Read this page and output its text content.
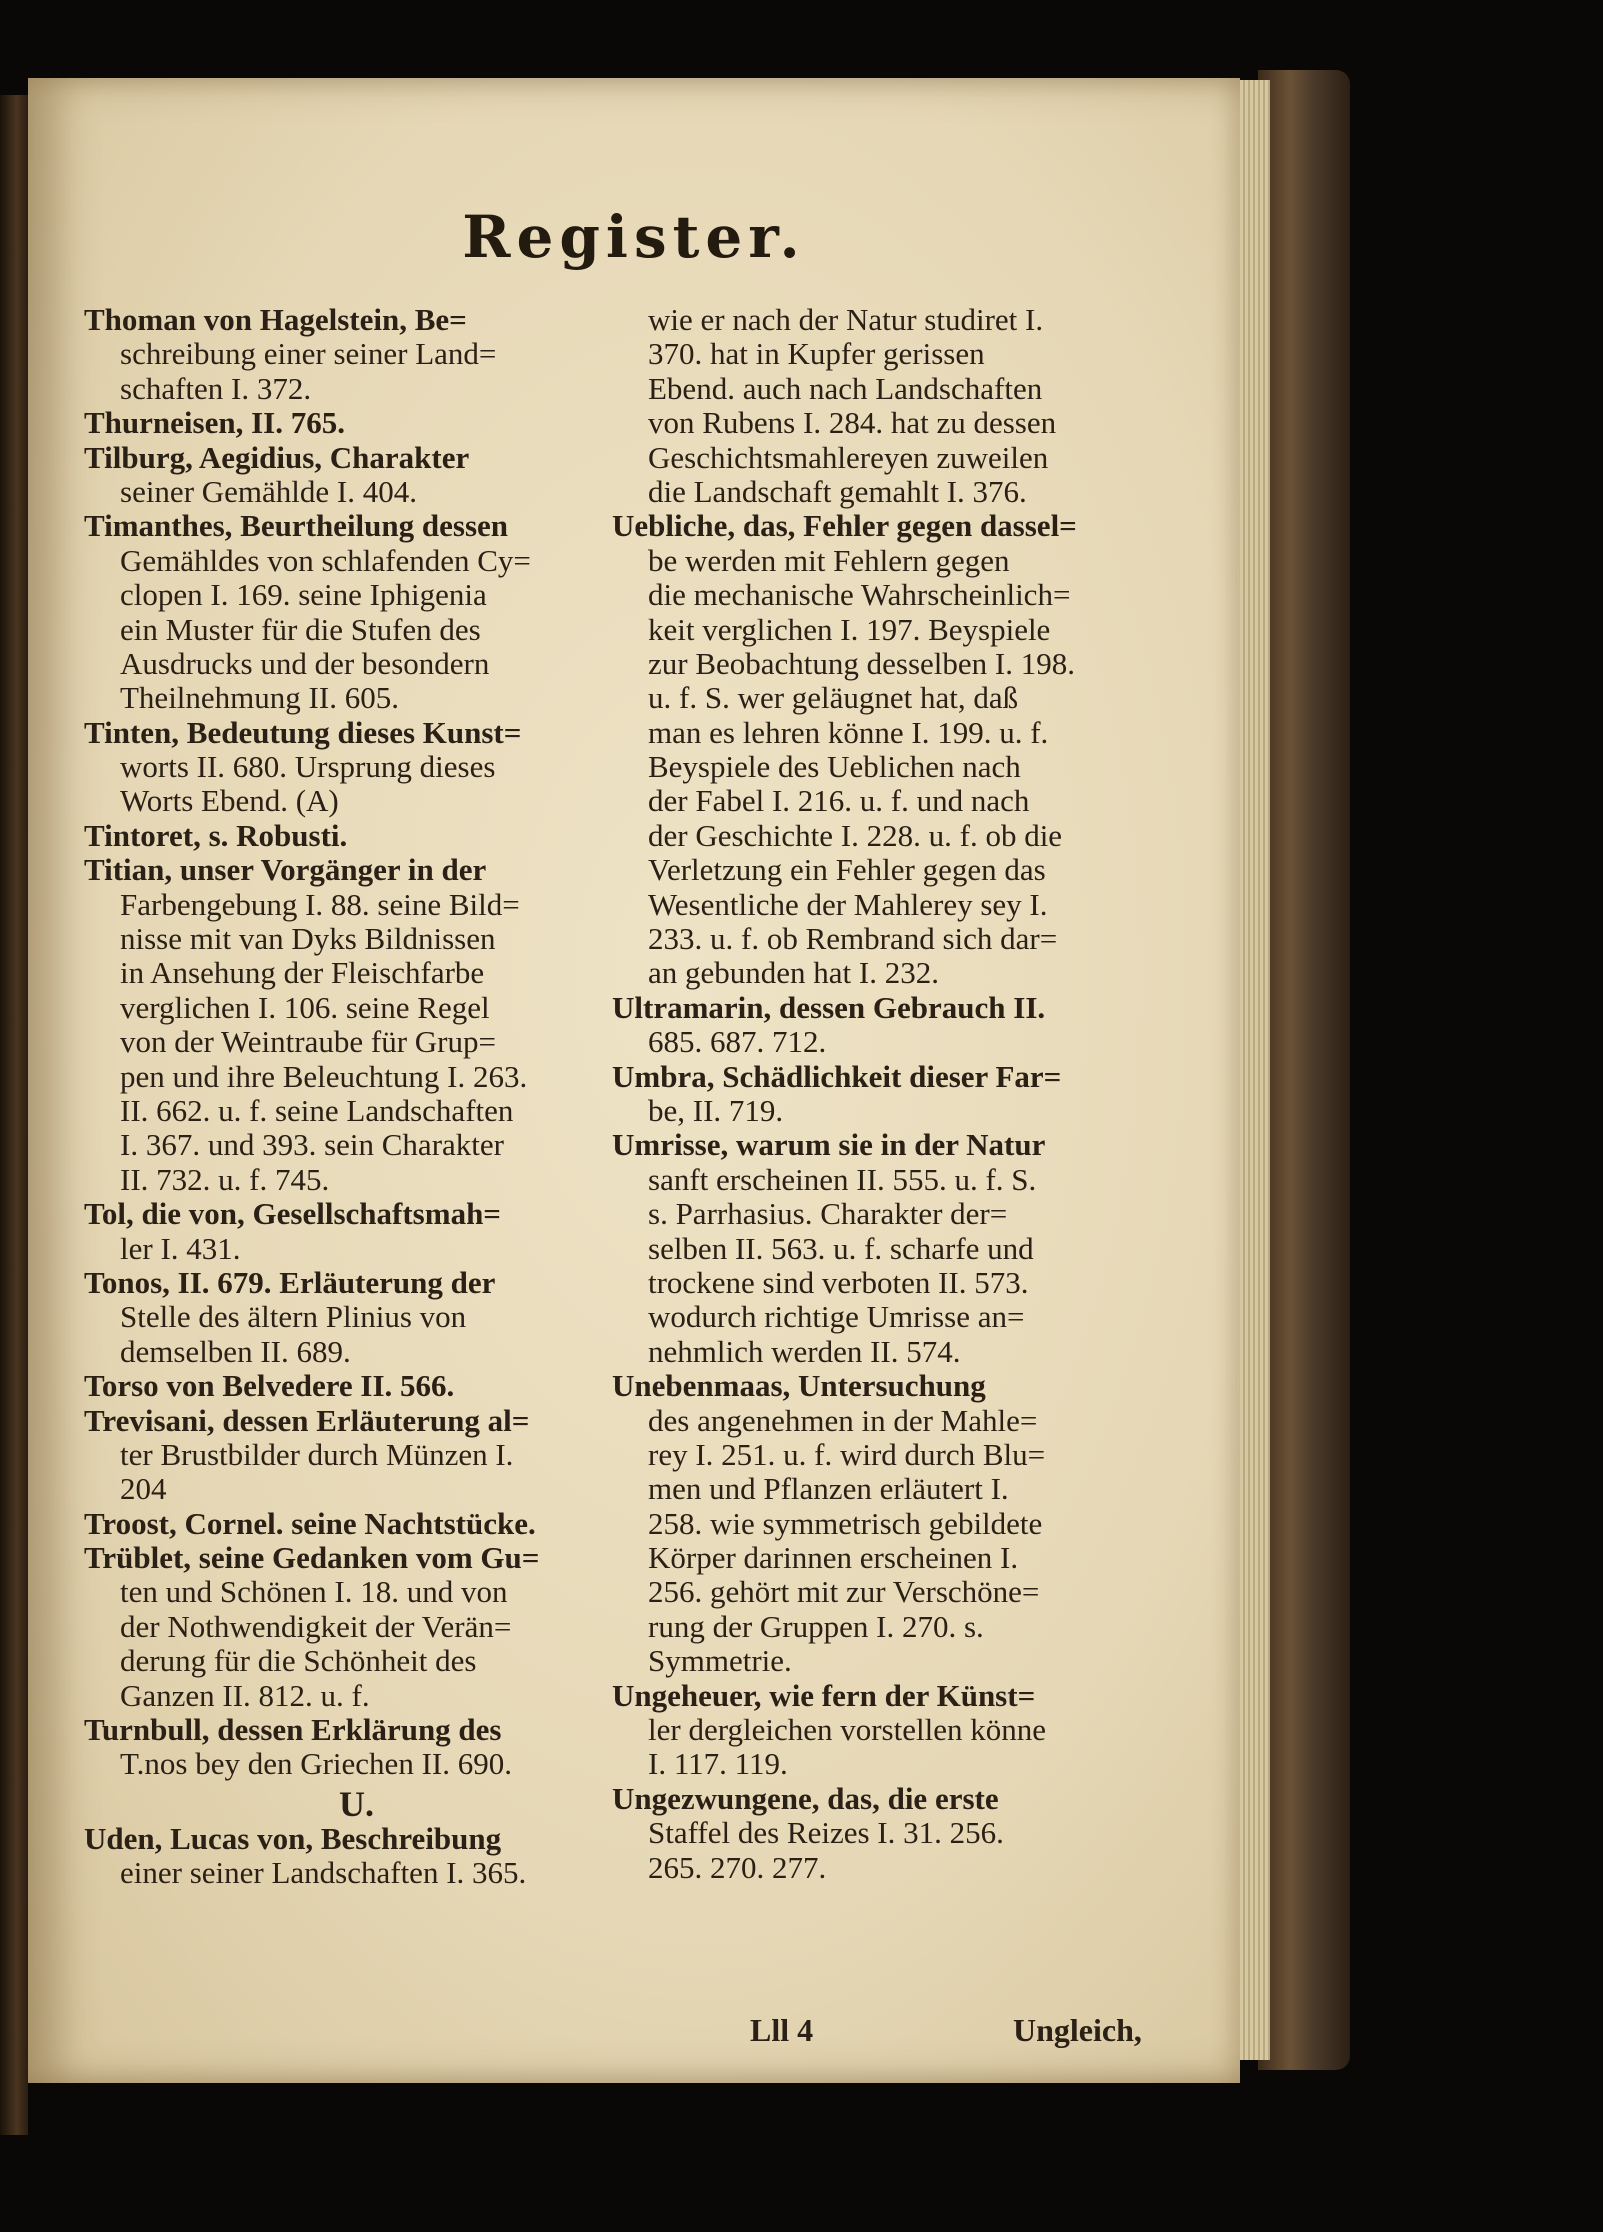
Register.
Thoman von Hagelstein, Be=
schreibung einer seiner Land=
schaften I. 372.
Thurneisen, II. 765.
Tilburg, Aegidius, Charakter
seiner Gemählde I. 404.
Timanthes, Beurtheilung dessen
Gemähldes von schlafenden Cy=
clopen I. 169. seine Iphigenia
ein Muster für die Stufen des
Ausdrucks und der besondern
Theilnehmung II. 605.
Tinten, Bedeutung dieses Kunst=
worts II. 680. Ursprung dieses
Worts Ebend. (A)
Tintoret, s. Robusti.
Titian, unser Vorgänger in der
Farbengebung I. 88. seine Bild=
nisse mit van Dyks Bildnissen
in Ansehung der Fleischfarbe
verglichen I. 106. seine Regel
von der Weintraube für Grup=
pen und ihre Beleuchtung I. 263.
II. 662. u. f. seine Landschaften
I. 367. und 393. sein Charakter
II. 732. u. f. 745.
Tol, die von, Gesellschaftsmah=
ler I. 431.
Tonos, II. 679. Erläuterung der
Stelle des ältern Plinius von
demselben II. 689.
Torso von Belvedere II. 566.
Trevisani, dessen Erläuterung al=
ter Brustbilder durch Münzen I.
204
Troost, Cornel. seine Nachtstücke.
Trüblet, seine Gedanken vom Gu=
ten und Schönen I. 18. und von
der Nothwendigkeit der Verän=
derung für die Schönheit des
Ganzen II. 812. u. f.
Turnbull, dessen Erklärung des
T.nos bey den Griechen II. 690.
U.
Uden, Lucas von, Beschreibung
einer seiner Landschaften I. 365.
wie er nach der Natur studiret I.
370. hat in Kupfer gerissen
Ebend. auch nach Landschaften
von Rubens I. 284. hat zu dessen
Geschichtsmahlereyen zuweilen
die Landschaft gemahlt I. 376.
Uebliche, das, Fehler gegen dassel=
be werden mit Fehlern gegen
die mechanische Wahrscheinlich=
keit verglichen I. 197. Beyspiele
zur Beobachtung desselben I. 198.
u. f. S. wer geläugnet hat, daß
man es lehren könne I. 199. u. f.
Beyspiele des Ueblichen nach
der Fabel I. 216. u. f. und nach
der Geschichte I. 228. u. f. ob die
Verletzung ein Fehler gegen das
Wesentliche der Mahlerey sey I.
233. u. f. ob Rembrand sich dar=
an gebunden hat I. 232.
Ultramarin, dessen Gebrauch II.
685. 687. 712.
Umbra, Schädlichkeit dieser Far=
be, II. 719.
Umrisse, warum sie in der Natur
sanft erscheinen II. 555. u. f. S.
s. Parrhasius. Charakter der=
selben II. 563. u. f. scharfe und
trockene sind verboten II. 573.
wodurch richtige Umrisse an=
nehmlich werden II. 574.
Unebenmaas, Untersuchung
des angenehmen in der Mahle=
rey I. 251. u. f. wird durch Blu=
men und Pflanzen erläutert I.
258. wie symmetrisch gebildete
Körper darinnen erscheinen I.
256. gehört mit zur Verschöne=
rung der Gruppen I. 270. s.
Symmetrie.
Ungeheuer, wie fern der Künst=
ler dergleichen vorstellen könne
I. 117. 119.
Ungezwungene, das, die erste
Staffel des Reizes I. 31. 256.
265. 270. 277.
Lll 4	Ungleich,
